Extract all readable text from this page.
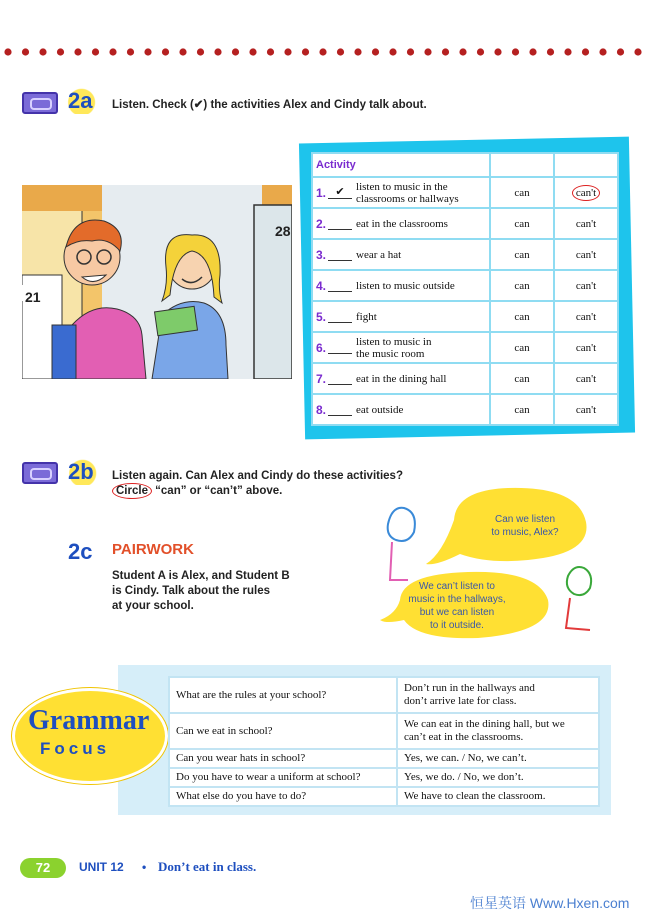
2a	Listen. Check (✔) the activities Alex and Cindy talk about.
21
28
Activity		

1. ✔ listen to music in the
classrooms or hallways	can	can't

2. eat in the classrooms	can	can't

3. wear a hat	can	can't

4. listen to music outside	can	can't

5. fight	can	can't

6. listen to music in
the music room	can	can't

7. eat in the dining hall	can	can't

8. eat outside	can	can't
2b	Listen again. Can Alex and Cindy do these activities?
Circle “can” or “can’t” above.
2c PAIRWORK
Student A is Alex, and Student B
is Cindy. Talk about the rules
at your school.
Can we listen
to music, Alex?
We can’t listen to
music in the hallways,
but we can listen
to it outside.
Grammar
Focus
What are the rules at your school?	Don’t run in the hallways and
don’t arrive late for class.

Can we eat in school?	We can eat in the dining hall, but we
can’t eat in the classrooms.

Can you wear hats in school?	Yes, we can. / No, we can’t.

Do you have to wear a uniform at school?	Yes, we do. / No, we don’t.

What else do you have to do?	We have to clean the classroom.
72	UNIT 12 • Don’t eat in class.
恒星英语 Www.Hxen.com
